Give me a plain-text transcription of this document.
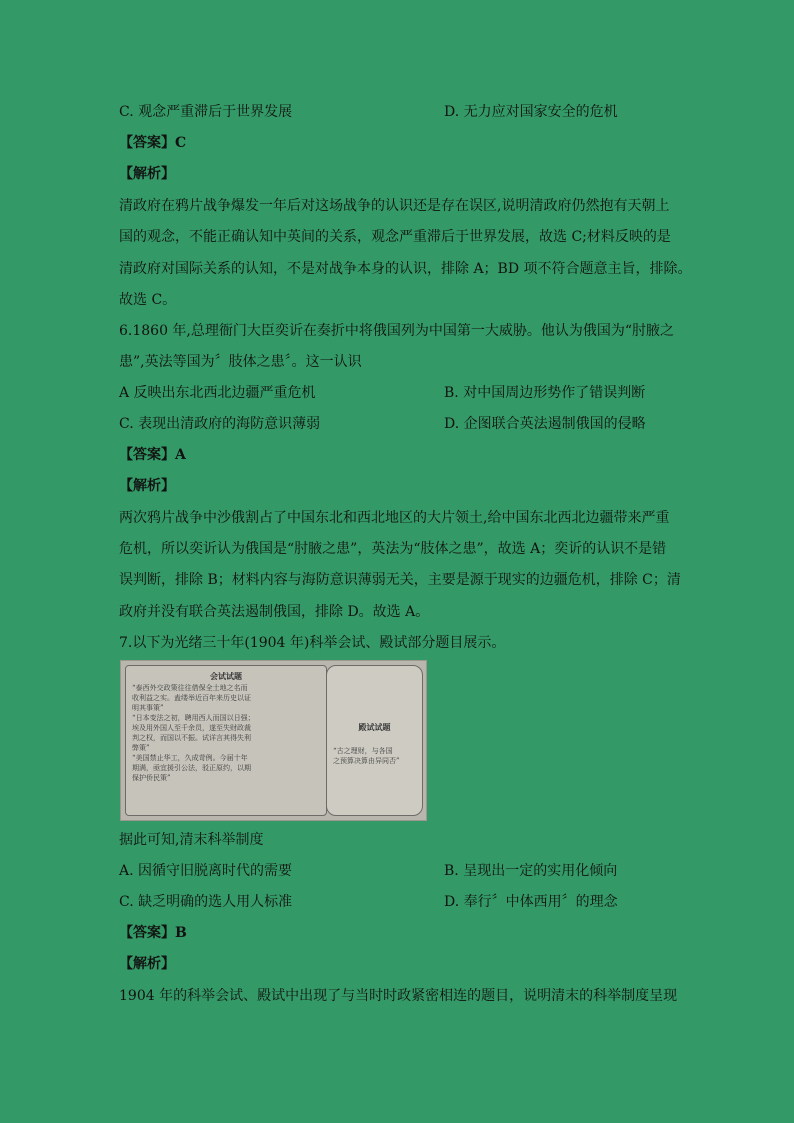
C. 观念严重滞后于世界发展	D. 无力应对国家安全的危机
【答案】C
【解析】
清政府在鸦片战争爆发一年后对这场战争的认识还是存在误区,说明清政府仍然抱有天朝上
国的观念，不能正确认知中英间的关系，观念严重滞后于世界发展，故选 C;材料反映的是
清政府对国际关系的认知，不是对战争本身的认识，排除 A；BD 项不符合题意主旨，排除。
故选 C。
6.1860 年,总理衙门大臣奕䜣在奏折中将俄国列为中国第一大威胁。他认为俄国为“肘腋之
患”,英法等国为〞肢体之患〞。这一认识
A 反映出东北西北边疆严重危机	B. 对中国周边形势作了错误判断
C. 表现出清政府的海防意识薄弱	D. 企图联合英法遏制俄国的侵略
【答案】A
【解析】
两次鸦片战争中沙俄割占了中国东北和西北地区的大片领土,给中国东北西北边疆带来严重
危机，所以奕䜣认为俄国是“肘腋之患”，英法为“肢体之患”，故选 A；奕䜣的认识不是错
误判断，排除 B；材料内容与海防意识薄弱无关，主要是源于现实的边疆危机，排除 C；清
政府并没有联合英法遏制俄国，排除 D。故选 A。
7.以下为光绪三十年(1904 年)科举会试、殿试部分题目展示。
会试试题
“泰西外交政策往往借保全土地之名而
收利益之实。盍缕举近百年来历史以证
明其事策”
“日本变法之初，聘用西人而国以日强；
埃及用外国人至千余员，遂至失财政裁
判之权，而国以不振。试详言其得失利
弊策”
“美国禁止华工，久成苛例。今届十年
期满，亟宜援引公法，驳正原约，以期
保护侨民策”
殿试试题
“古之理财，与各国
之预算决算由异同否”
据此可知,清末科举制度
A. 因循守旧脱离时代的需要	B. 呈现出一定的实用化倾向
C. 缺乏明确的选人用人标准	D. 奉行〞中体西用〞的理念
【答案】B
【解析】
1904 年的科举会试、殿试中出现了与当时时政紧密相连的题目，说明清末的科举制度呈现
